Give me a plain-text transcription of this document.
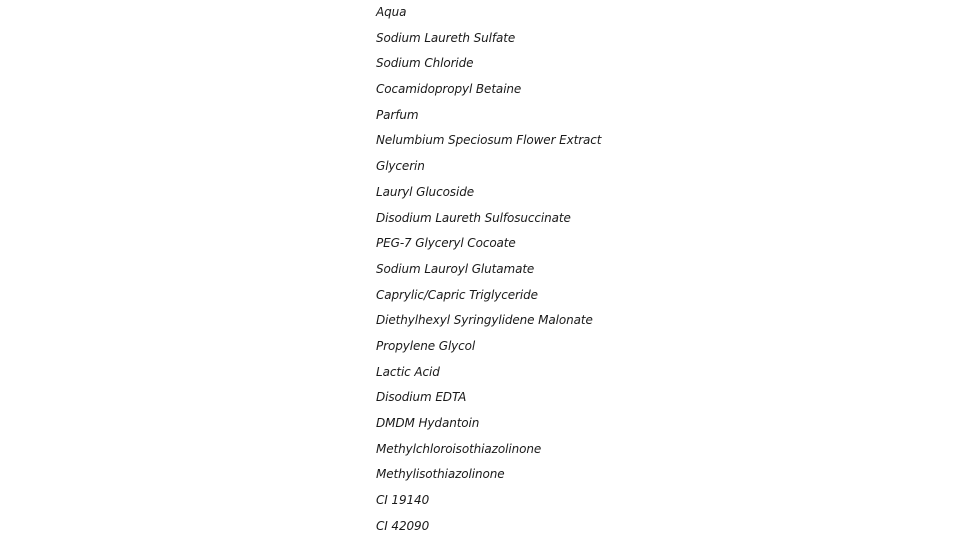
Aqua
Sodium Laureth Sulfate
Sodium Chloride
Cocamidopropyl Betaine
Parfum
Nelumbium Speciosum Flower Extract
Glycerin
Lauryl Glucoside
Disodium Laureth Sulfosuccinate
PEG-7 Glyceryl Cocoate
Sodium Lauroyl Glutamate
Caprylic/Capric Triglyceride
Diethylhexyl Syringylidene Malonate
Propylene Glycol
Lactic Acid
Disodium EDTA
DMDM Hydantoin
Methylchloroisothiazolinone
Methylisothiazolinone
CI 19140
CI 42090
